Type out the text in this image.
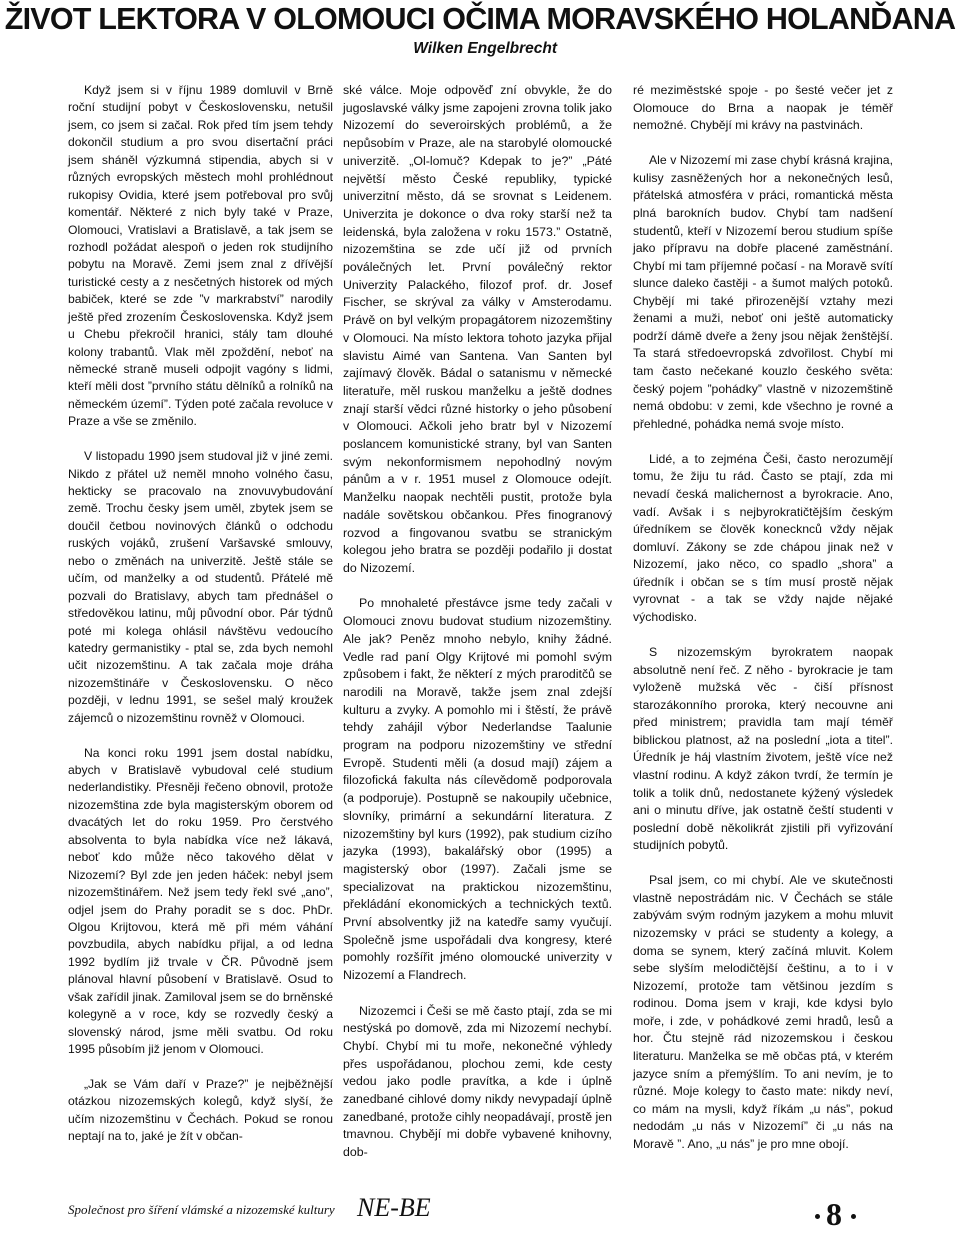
ŽIVOT LEKTORA V OLOMOUCI OČIMA MORAVSKÉHO HOLANĎANA
Wilken Engelbrecht

Když jsem si v říjnu 1989 domluvil v Brně roční studijní pobyt v Československu, netušil jsem, co jsem si začal. Rok před tím jsem tehdy dokončil studium a pro svou disertační práci jsem sháněl výzkumná stipendia, abych si v různých evropských městech mohl prohlédnout rukopisy Ovidia, které jsem potřeboval pro svůj komentář. Některé z nich byly také v Praze, Olomouci, Vratislavi a Bratislavě, a tak jsem se rozhodl požádat alespoň o jeden rok studijního pobytu na Moravě. Zemi jsem znal z dřívější turistické cesty a z nesčetných historek od mých babiček, které se zde ”v markrabství” narodily ještě před zrozením Československa. Když jsem u Chebu překročil hranici, stály tam dlouhé kolony trabantů. Vlak měl zpoždění, neboť na německé straně museli odpojit vagóny s lidmi, kteří měli dost ”prvního státu dělníků a rolníků na německém území”. Týden poté začala revoluce v Praze a vše se změnilo.

V listopadu 1990 jsem studoval již v jiné zemi. Nikdo z přátel už neměl mnoho volného času, hekticky se pracovalo na znovuvybudování země. Trochu česky jsem uměl, zbytek jsem se doučil četbou novinových článků o odchodu ruských vojáků, zrušení Varšavské smlouvy, nebo o změnách na univerzitě. Ještě stále se učím, od manželky a od studentů. Přátelé mě pozvali do Bratislavy, abych tam přednášel o středověkou latinu, můj původní obor. Pár týdnů poté mi kolega ohlásil návštěvu vedoucího katedry germanistiky - ptal se, zda bych nemohl učit nizozemštinu. A tak začala moje dráha nizozemštináře v Československu. O něco později, v lednu 1991, se sešel malý kroužek zájemců o nizozemštinu rovněž v Olomouci.

Na konci roku 1991 jsem dostal nabídku, abych v Bratislavě vybudoval celé studium nederlandistiky. Přesněji řečeno obnovil, protože nizozemština zde byla magisterským oborem od dvacátých let do roku 1959. Pro čerstvého absolventa to byla nabídka více než lákavá, neboť kdo může něco takového dělat v Nizozemí? Byl zde jen jeden háček: nebyl jsem nizozemštinářem. Než jsem tedy řekl své „ano”, odjel jsem do Prahy poradit se s doc. PhDr. Olgou Krijtovou, která mě při mém váhání povzbudila, abych nabídku přijal, a od ledna 1992 bydlím již trvale v ČR. Původně jsem plánoval hlavní působení v Bratislavě. Osud to však zařídil jinak. Zamiloval jsem se do brněnské kolegyně a v roce, kdy se rozvedly český a slovenský národ, jsme měli svatbu. Od roku 1995 působím již jenom v Olomouci.

„Jak se Vám daří v Praze?” je nejběžnější otázkou nizozemských kolegů, když slyší, že učím nizozemštinu v Čechách. Pokud se ronou neptají na to, jaké je žít v občan-

ské válce. Moje odpověď zní obvykle, že do jugoslavské války jsme zapojeni zrovna tolik jako Nizozemí do severoirských problémů, a že nepůsobím v Praze, ale na starobylé olomoucké univerzitě. „Ol-lomuč? Kdepak to je?” „Páté největší město České republiky, typické univerzitní město, dá se srovnat s Leidenem. Univerzita je dokonce o dva roky starší než ta leidenská, byla založena v roku 1573.” Ostatně, nizozemština se zde učí již od prvních poválečných let. První poválečný rektor Univerzity Palackého, filozof prof. dr. Josef Fischer, se skrýval za války v Amsterodamu. Právě on byl velkým propagátorem nizozemštiny v Olomouci. Na místo lektora tohoto jazyka přijal slavistu Aimé van Santena. Van Santen byl zajímavý člověk. Bádal o satanismu v německé literatuře, měl ruskou manželku a ještě dodnes znají starší vědci různé historky o jeho působení v Olomouci. Ačkoli jeho bratr byl v Nizozemí poslancem komunistické strany, byl van Santen svým nekonformismem nepohodlný novým pánům a v r. 1951 musel z Olomouce odejít. Manželku naopak nechtěli pustit, protože byla nadále sovětskou občankou. Přes finogranový rozvod a fingovanou svatbu se stranickým kolegou jeho bratra se později podařilo ji dostat do Nizozemí.

Po mnohaleté přestávce jsme tedy začali v Olomouci znovu budovat studium nizozemštiny. Ale jak? Peněz mnoho nebylo, knihy žádné. Vedle rad paní Olgy Krijtové mi pomohl svým způsobem i fakt, že některí z mých praroditčů se narodili na Moravě, takže jsem znal zdejší kulturu a zvyky. A pomohlo mi i štěstí, že právě tehdy zahájil výbor Nederlandse Taalunie program na podporu nizozemštiny ve střední Evropě. Studenti měli (a dosud mají) zájem a filozofická fakulta nás cílevědomě podporovala (a podporuje). Postupně se nakoupily učebnice, slovníky, primární a sekundární literatura. Z nizozemštiny byl kurs (1992), pak studium cizího jazyka (1993), bakalářský obor (1995) a magisterský obor (1997). Začali jsme se specializovat na praktickou nizozemštinu, překládání ekonomických a technických textů. První absolventky již na katedře samy vyučují. Společně jsme uspořádali dva kongresy, které pomohly rozšířit jméno olomoucké univerzity v Nizozemí a Flandrech.

Nizozemci i Češi se mě často ptají, zda se mi nestýská po domově, zda mi Nizozemí nechybí. Chybí. Chybí mi tu moře, nekonečné výhledy přes uspořádanou, plochou zemi, kde cesty vedou jako podle pravítka, a kde i úplně zanedbané cihlové domy nikdy nevypadají úplně zanedbané, protože cihly neopadávají, prostě jen tmavnou. Chybějí mi dobře vybavené knihovny, dob-

ré meziměstské spoje - po šesté večer jet z Olomouce do Brna a naopak je téměř nemožné. Chybějí mi krávy na pastvinách.

Ale v Nizozemí mi zase chybí krásná krajina, kulisy zasněžených hor a nekonečných lesů, přátelská atmosféra v práci, romantická města plná barokních budov. Chybí tam nadšení studentů, kteří v Nizozemí berou studium spíše jako přípravu na dobře placené zaměstnání. Chybí mi tam příjemné počasí - na Moravě svítí slunce daleko častěji - a šumot malých potoků. Chybějí mi také přirozenější vztahy mezi ženami a muži, neboť oni ještě automaticky podrží dámě dveře a ženy jsou nějak ženštější. Ta stará středoevropská zdvořilost. Chybí mi tam často nečekané kouzlo českého světa: český pojem ”pohádky” vlastně v nizozemštině nemá obdobu: v zemi, kde všechno je rovné a přehledné, pohádka nemá svoje místo.

Lidé, a to zejména Češi, často nerozumějí tomu, že žiju tu rád. Často se ptají, zda mi nevadí česká malichernost a byrokracie. Ano, vadí. Avšak i s nejbyrokratičtějším českým úředníkem se člověk konecknců vždy nějak domluví. Zákony se zde chápou jinak než v Nizozemí, jako něco, co spadlo „shora” a úředník i občan se s tím musí prostě nějak vyrovnat - a tak se vždy najde nějaké východisko.

S nizozemským byrokratem naopak absolutně není řeč. Z něho - byrokracie je tam vyloženě mužská věc - čiší přísnost starozákonního proroka, který necouvne ani před ministrem; pravidla tam mají téměř biblickou platnost, až na poslední „iota a titel”. Úředník je háj vlastním životem, ještě více než vlastní rodinu. A když zákon tvrdí, že termín je tolik a tolik dnů, nedostanete kýžený výsledek ani o minutu dříve, jak ostatně čeští studenti v poslední době několikrát zjistili při vyřizování studijních pobytů.

Psal jsem, co mi chybí. Ale ve skutečnosti vlastně nepostrádám nic. V Čechách se stále zabývám svým rodným jazykem a mohu mluvit nizozemsky v práci se studenty a kolegy, a doma se synem, který začíná mluvit. Kolem sebe slyším melodičtější češtinu, a to i v Nizozemí, protože tam většinou jezdím s rodinou. Doma jsem v kraji, kde kdysi bylo moře, i zde, v pohádkové zemi hradů, lesů a hor. Čtu stejně rád nizozemskou i českou literaturu. Manželka se mě občas ptá, v kterém jazyce sním a přemýšlím. To ani nevím, je to různé. Moje kolegy to často mate: nikdy neví, co mám na mysli, když říkám „u nás”, pokud nedodám „u nás v Nizozemí” či „u nás na Moravě ”. Ano, „u nás” je pro mne obojí.

Společnost pro šíření vlámské a nizozemské kultury NE-BE	8
